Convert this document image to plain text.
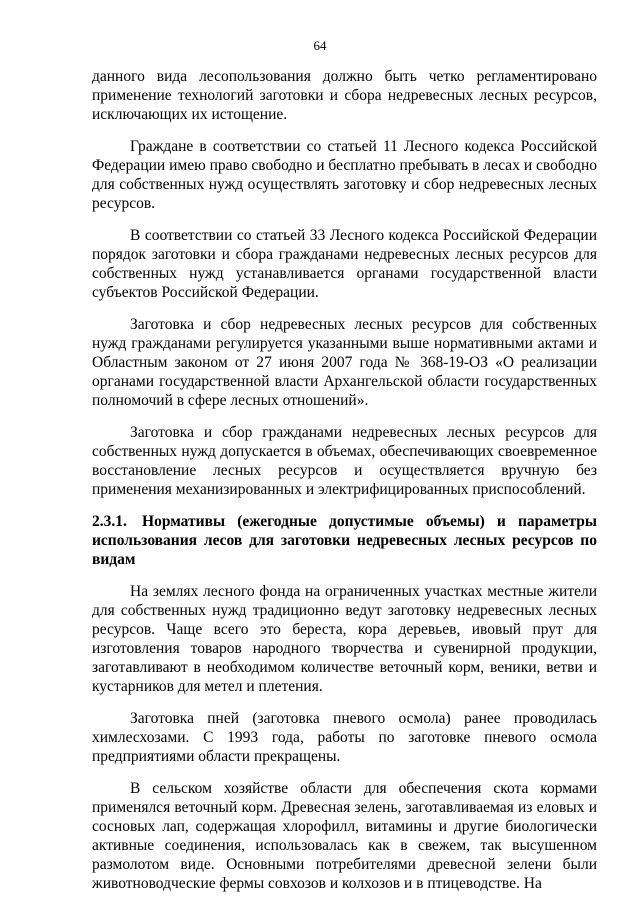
64

данного вида лесопользования должно быть четко регламентировано применение технологий заготовки и сбора недревесных лесных ресурсов, исключающих их истощение.

Граждане в соответствии со статьей 11 Лесного кодекса Российской Федерации имею право свободно и бесплатно пребывать в лесах и свободно для собственных нужд осуществлять заготовку и сбор недревесных лесных ресурсов.

В соответствии со статьей 33 Лесного кодекса Российской Федерации порядок заготовки и сбора гражданами недревесных лесных ресурсов для собственных нужд устанавливается органами государственной власти субъектов Российской Федерации.

Заготовка и сбор недревесных лесных ресурсов для собственных нужд гражданами регулируется указанными выше нормативными актами и Областным законом от 27 июня 2007 года № 368-19-ОЗ «О реализации органами государственной власти Архангельской области государственных полномочий в сфере лесных отношений».

Заготовка и сбор гражданами недревесных лесных ресурсов для собственных нужд допускается в объемах, обеспечивающих своевременное восстановление лесных ресурсов и осуществляется вручную без применения механизированных и электрифицированных приспособлений.

2.3.1. Нормативы (ежегодные допустимые объемы) и параметры использования лесов для заготовки недревесных лесных ресурсов по видам

На землях лесного фонда на ограниченных участках местные жители для собственных нужд традиционно ведут заготовку недревесных лесных ресурсов. Чаще всего это береста, кора деревьев, ивовый прут для изготовления товаров народного творчества и сувенирной продукции, заготавливают в необходимом количестве веточный корм, веники, ветви и кустарников для метел и плетения.

Заготовка пней (заготовка пневого осмола) ранее проводилась химлесхозами. С 1993 года, работы по заготовке пневого осмола предприятиями области прекращены.

В сельском хозяйстве области для обеспечения скота кормами применялся веточный корм. Древесная зелень, заготавливаемая из еловых и сосновых лап, содержащая хлорофилл, витамины и другие биологически активные соединения, использовалась как в свежем, так высушенном размолотом виде. Основными потребителями древесной зелени были животноводческие фермы совхозов и колхозов и в птицеводстве. На
